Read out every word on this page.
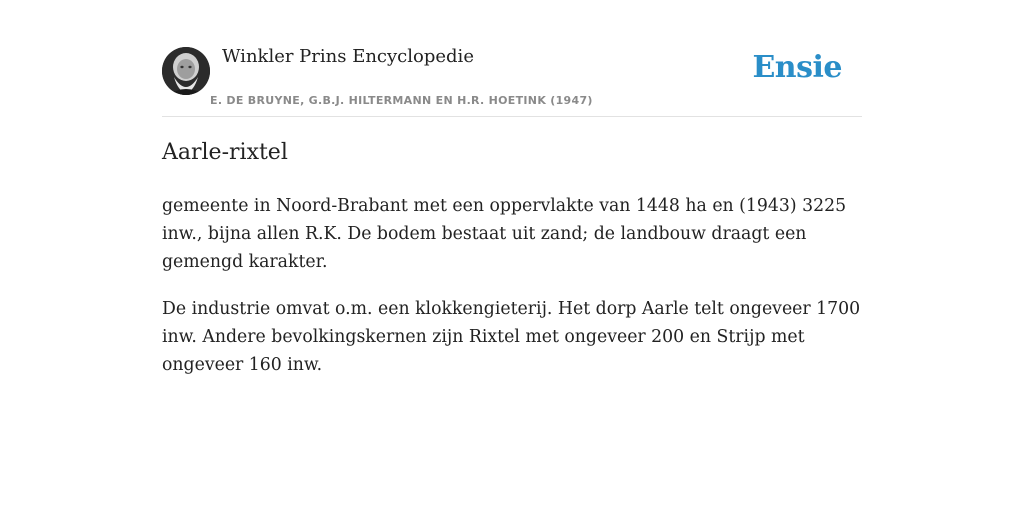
Winkler Prins Encyclopedie
E. DE BRUYNE, G.B.J. HILTERMANN EN H.R. HOETINK (1947)
Ensie
Aarle-rixtel

gemeente in Noord-Brabant met een oppervlakte van 1448 ha en (1943) 3225 inw., bijna allen R.K. De bodem bestaat uit zand; de landbouw draagt een gemengd karakter.

De industrie omvat o.m. een klokkengieterij. Het dorp Aarle telt ongeveer 1700 inw. Andere bevolkingskernen zijn Rixtel met ongeveer 200 en Strijp met ongeveer 160 inw.
